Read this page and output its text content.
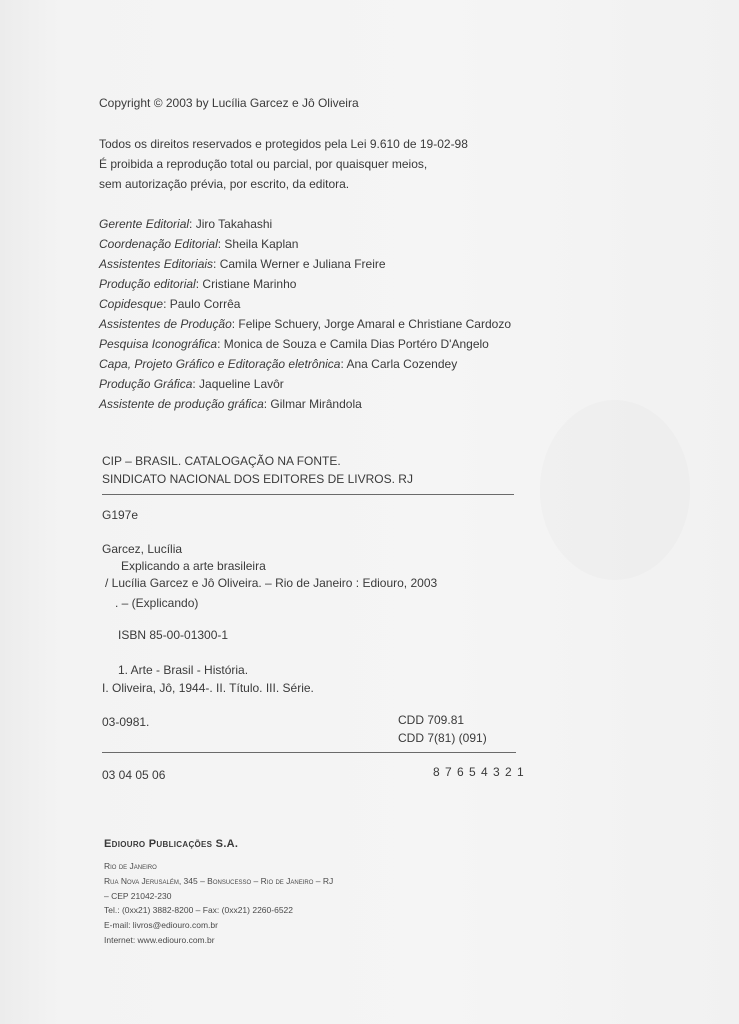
Copyright © 2003 by Lucília Garcez e Jô Oliveira
Todos os direitos reservados e protegidos pela Lei 9.610 de 19-02-98
É proibida a reprodução total ou parcial, por quaisquer meios,
sem autorização prévia, por escrito, da editora.
Gerente Editorial: Jiro Takahashi
Coordenação Editorial: Sheila Kaplan
Assistentes Editoriais: Camila Werner e Juliana Freire
Produção editorial: Cristiane Marinho
Copidesque: Paulo Corrêa
Assistentes de Produção: Felipe Schuery, Jorge Amaral e Christiane Cardozo
Pesquisa Iconográfica: Monica de Souza e Camila Dias Portéro D'Angelo
Capa, Projeto Gráfico e Editoração eletrônica: Ana Carla Cozendey
Produção Gráfica: Jaqueline Lavôr
Assistente de produção gráfica: Gilmar Mirândola
CIP – BRASIL. CATALOGAÇÃO NA FONTE.
SINDICATO NACIONAL DOS EDITORES DE LIVROS. RJ
G197e
Garcez, Lucília
Explicando a arte brasileira
/ Lucília Garcez e Jô Oliveira. – Rio de Janeiro : Ediouro, 2003
. – (Explicando)
ISBN 85-00-01300-1
1. Arte - Brasil - História.
I. Oliveira, Jô, 1944-. II. Título. III. Série.
03-0981.	CDD 709.81
CDD 7(81) (091)
03 04 05 06	8 7 6 5 4 3 2 1
Ediouro Publicações S.A.
Rio de Janeiro
Rua Nova Jerusalém, 345 – Bonsucesso – Rio de Janeiro – RJ
– CEP 21042-230
Tel.: (0xx21) 3882-8200 – Fax: (0xx21) 2260-6522
E-mail: livros@ediouro.com.br
Internet: www.ediouro.com.br
